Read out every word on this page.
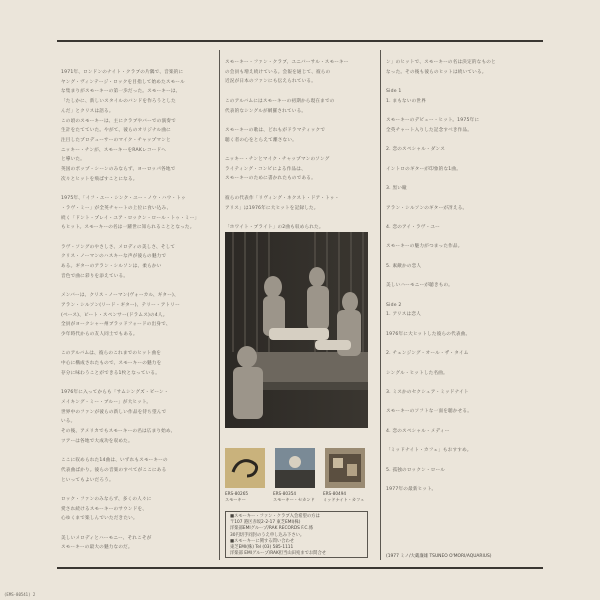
1971年、ロンドンのナイト・クラブの片隅で、音楽的に
ヤング・ヴィンテージ・ロックを目指して始めたスモール
な集まりがスモーキーの第一歩だった。スモーキーは、
「たしかに、新しいスタイルのバンドを作ろうとした
んだ」とクリスは語る。
この頃のスモーキーは、主にクラブやバーでの演奏で
生計をたてていた。やがて、彼らのオリジナル曲に
注目したプロデューサーのマイク・チャップマンと
ニッキー・チンが、スモーキーをRAKレコードへ
と導いた。
英国のポップ・シーンのみならず、ヨーロッパ各地で
次々とヒットを飛ばすことになる。

1975年、「イフ・ユー・シンク・ユー・ノウ・ハウ・トゥ
・ラヴ・ミー」が全英チャートの上位に食い込み、
続く「ドント・プレイ・ユア・ロックン・ロール・トゥ・ミー」
もヒット。スモーキーの名は一躍世に知られることとなった。

ラヴ・ソングのやさしさ、メロディの美しさ、そして
クリス・ノーマンのハスキーな声が彼らの魅力で
ある。ギターのアラン・シルソンは、柔らかい
音色で曲に彩りを添えている。

メンバーは、クリス・ノーマン(ヴォーカル、ギター)、
アラン・シルソン(リード・ギター)、テリー・アトリー
(ベース)、ピート・スペンサー(ドラムス)の4人。
全員がヨークシャー州ブラッドフォードの出身で、
少年時代からの友人同士でもある。

このアルバムは、彼らのこれまでのヒット曲を
中心に構成されたもので、スモーキーの魅力を
存分に味わうことができる1枚となっている。

1976年に入ってからも「サムシングズ・ビーン・
メイキング・ミー・ブルー」が大ヒット。
世界中のファンが彼らの新しい作品を待ち望んで
いる。
その後、アメリカでもスモーキーの名は広まり始め、
ツアーは各地で大成功を収めた。

ここに収められた14曲は、いずれもスモーキーの
代表曲ばかり。彼らの音楽のすべてがここにある
といってもよいだろう。

ロック・ファンのみならず、多くの人々に
愛され続けるスモーキーのサウンドを、
心ゆくまで楽しんでいただきたい。

美しいメロディとハーモニー、それこそが
スモーキーの最大の魅力なのだ。
スモーキー・ファン・クラブ、ユニバーサル・スモーキー
の会員も増え続けている。会報を通じて、彼らの
近況が日本のファンにも伝えられている。

このアルバムにはスモーキーの初期から現在までの
代表的なシングルが網羅されている。

スモーキーの歌は、どれもがドラマティックで
聴く者の心をとらえて離さない。

ニッキー・チンとマイク・チャップマンのソング
ライティング・コンビによる作品は、
スモーキーのために書かれたものである。

彼らの代表作「リヴィング・ネクスト・ドア・トゥ・
アリス」は1976年に大ヒットを記録した。

「ホワイト・ブライト」の2曲も収められた。

ERS-80265
スモーキー
ERS-80354
スモーキー・セカンド
ERS-80494
ミッドナイト・カフェ
■スモーキー・ファン・クラブ入会希望の方は
〒107 港区赤坂2-2-17 東芝EMI(株)
洋楽部EMIグループ/RAK RECORDS F.C.係
30円切手同封のうえ申し込み下さい。
■スモーキーに関する問い合わせ
東芝EMI(株) Tel (03) 585-1111
洋楽部 EMIグループ/RAK担当山田宛までお問合せ
ン」のヒットで、スモーキーの名は決定的なものと
なった。その後も彼らのヒットは続いている。

Side 1
1. まもないの世界

スモーキーのデビュー・ヒット。1975年に
全英チャート入りした記念すべき作品。

2. 恋のスペシャル・ダンス

イントロのギターが印象的な1曲。

3. 黒い瞳

アラン・シルソンのギターが冴える。

4. 恋のアイ・ラヴ・ユー

スモーキーの魅力がつまった作品。

5. 素敵かの恋人

美しいハーモニーが聴きもの。

Side 2
1. アリスは恋人

1976年に大ヒットした彼らの代表曲。

2. チェンジング・オール・ザ・タイム

シングル・ヒットした名曲。

3. ミスかのセクシュア・ミッドナイト

スモーキーのソフトな一面を聴かせる。

4. 恋のスペシャル・メディー

「ミッドナイト・カフェ」もおすすめ。

5. 孤独のロックン・ロール

1977年の最新ヒット。
(1977 ミノ/大蔵廉雄 TSUNEO O'MORI/AQUARIUS)
(EMS-80541) 2
